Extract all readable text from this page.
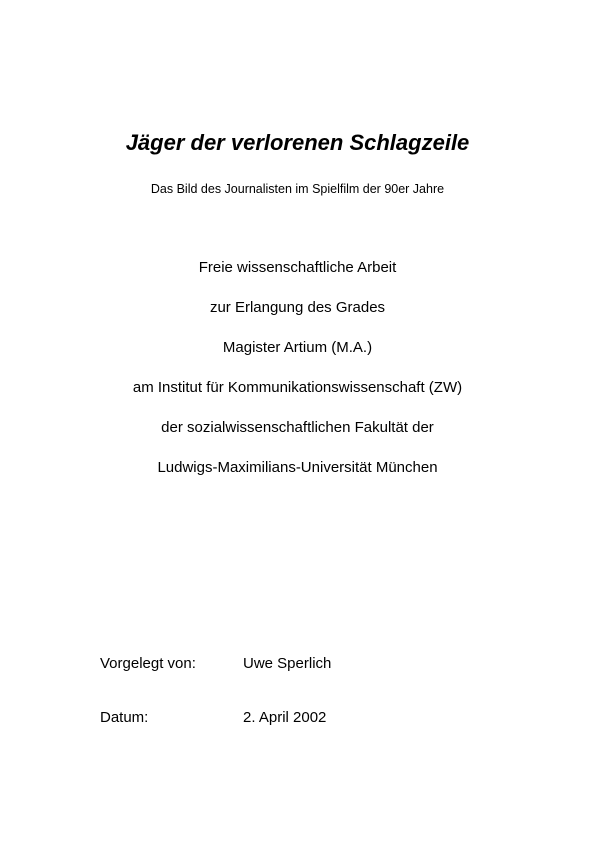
Jäger der verlorenen Schlagzeile
Das Bild des Journalisten im Spielfilm der 90er Jahre
Freie wissenschaftliche Arbeit
zur Erlangung des Grades
Magister Artium (M.A.)
am Institut für Kommunikationswissenschaft (ZW)
der sozialwissenschaftlichen Fakultät der
Ludwigs-Maximilians-Universität München
Vorgelegt von:	Uwe Sperlich
Datum:	2. April 2002
